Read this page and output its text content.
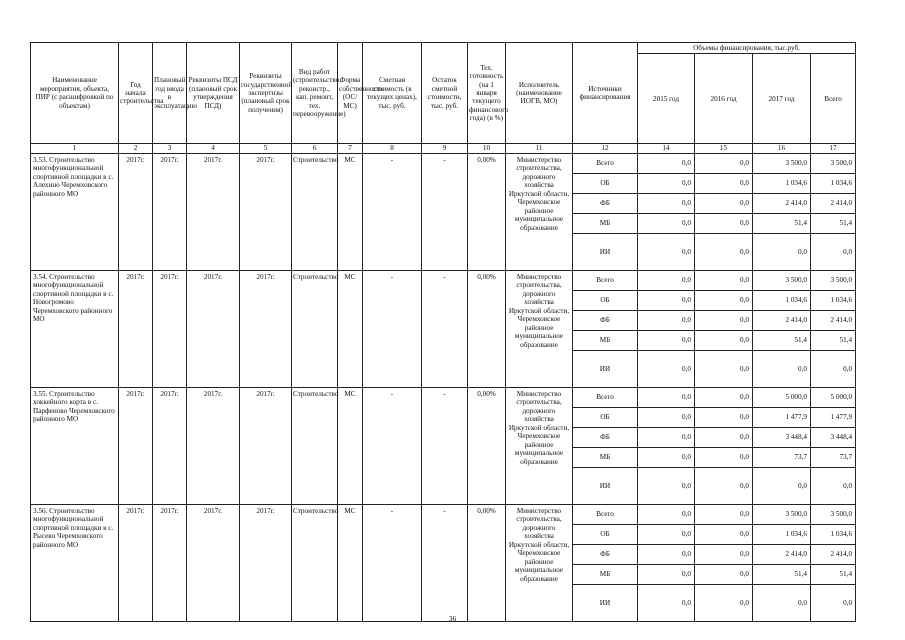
Наименование мероприятия, объекта, ПИР (с расшифровкой по объектам)	Год начала строительства	Плановый год ввода в эксплуатацию	Реквизиты ПСД (плановый срок утверждения ПСД)	Реквизиты государственной экспертизы (плановый срок получения)	Вид работ (строительство, реконстр., кап. ремонт, тех. перевооружение)	Форма собственности (ОС/МС)	Сметная стоимость (в текущих ценах), тыс. руб.	Остаток сметной стоимости, тыс. руб.	Тех. готовность (на 1 января текущего финансового года) (в %)	Исполнитель (наименование ИОГВ, МО)	Источники финансирования	Объемы финансирования, тыс.руб.			
												2015 год	2016 год	2017 год	Всего
1	2	3	4	5	6	7	8	9	10	11	12	14	15	16	17
3.53. Строительство многофункциональной спортивной площадки в с. Алехино Черемховского районного МО	2017г.	2017г.	2017г.	2017г.	Строительство	МС	-	-	0,00%	Министерство строительства, дорожного хозяйства Иркутской области, Черемховское районное муниципальное образование	Всего	0,0	0,0	3 500,0	3 500,0
											ОБ	0,0	0,0	1 034,6	1 034,6
											ФБ	0,0	0,0	2 414,0	2 414,0
											МБ	0,0	0,0	51,4	51,4
											ИИ	0,0	0,0	0,0	0,0
3.54. Строительство многофункциональной спортивной площадки в с. Новогромово Черемховского районного МО	2017г.	2017г.	2017г.	2017г.	Строительство	МС	-	-	0,00%	Министерство строительства, дорожного хозяйства Иркутской области, Черемховское районное муниципальное образование	Всего	0,0	0,0	3 500,0	3 500,0
											ОБ	0,0	0,0	1 034,6	1 034,6
											ФБ	0,0	0,0	2 414,0	2 414,0
											МБ	0,0	0,0	51,4	51,4
											ИИ	0,0	0,0	0,0	0,0
3.55. Строительство хоккейного корта в с. Парфеново Черемховского районного МО	2017г.	2017г.	2017г.	2017г.	Строительство	МС	-	-	0,00%	Министерство строительства, дорожного хозяйства Иркутской области, Черемховское районное муниципальное образование	Всего	0,0	0,0	5 000,0	5 000,0
											ОБ	0,0	0,0	1 477,9	1 477,9
											ФБ	0,0	0,0	3 448,4	3 448,4
											МБ	0,0	0,0	73,7	73,7
											ИИ	0,0	0,0	0,0	0,0
3.56. Строительство многофункциональной спортивной площадки в с. Рысево Черемховского районного МО	2017г.	2017г.	2017г.	2017г.	Строительство	МС	-	-	0,00%	Министерство строительства, дорожного хозяйства Иркутской области, Черемховское районное муниципальное образование	Всего	0,0	0,0	3 500,0	3 500,0
											ОБ	0,0	0,0	1 034,6	1 034,6
											ФБ	0,0	0,0	2 414,0	2 414,0
											МБ	0,0	0,0	51,4	51,4
											ИИ	0,0	0,0	0,0	0,0
36
